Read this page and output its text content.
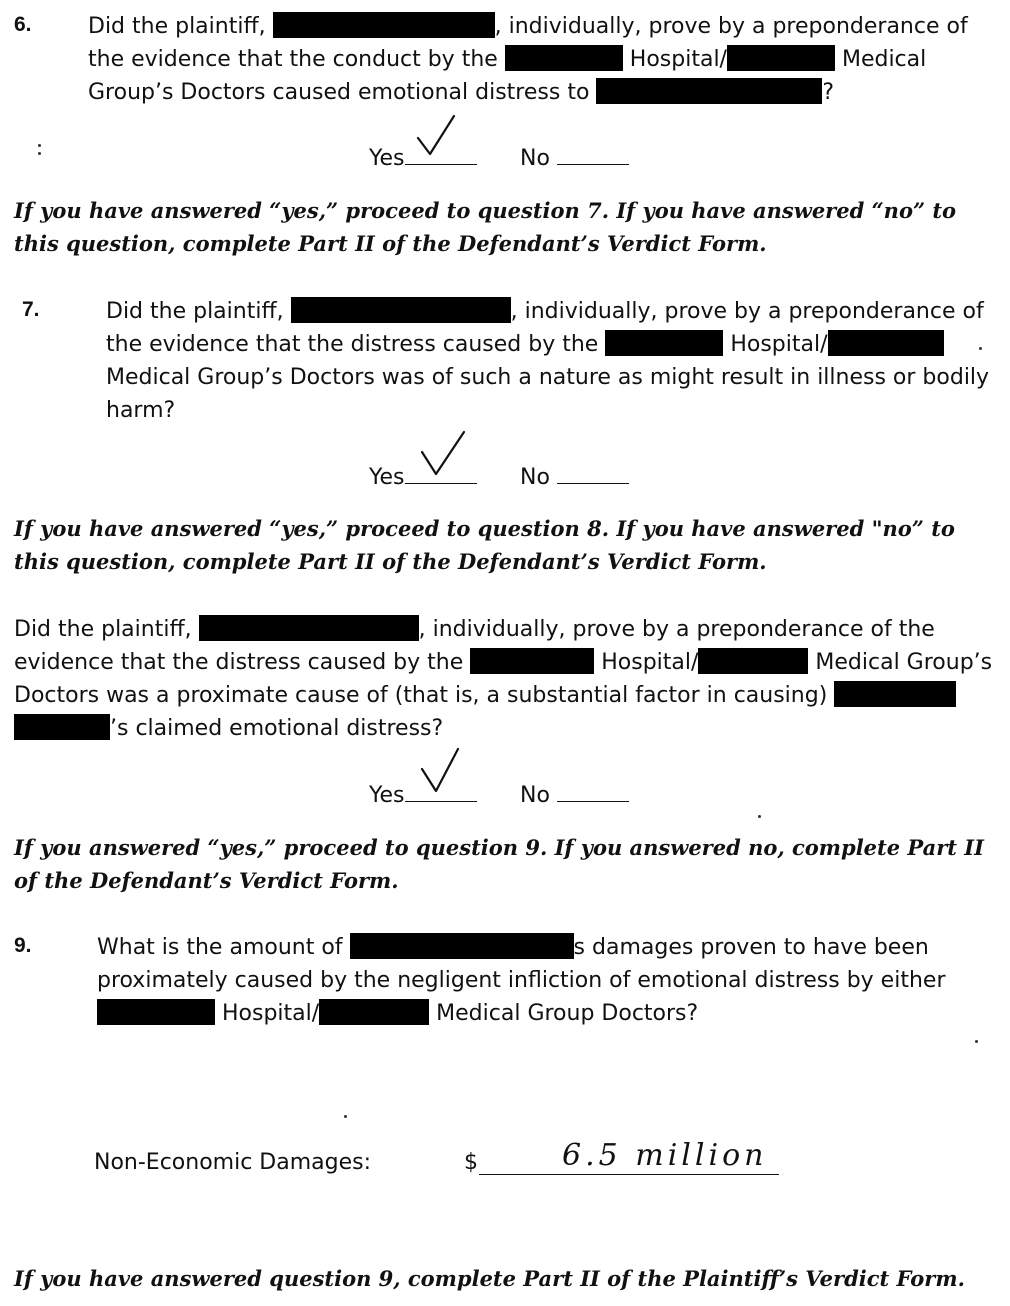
6.	Did the plaintiff,	, individually, prove by a preponderance of
the evidence that the conduct by the	Hospital/	Medical
Group’s Doctors caused emotional distress to	?
Yes	No
If you have answered “yes,” proceed to question 7. If you have answered “no” to this question, complete Part II of the Defendant’s Verdict Form.
7.	Did the plaintiff,	, individually, prove by a preponderance of
the evidence that the distress caused by the	Hospital/
Medical Group’s Doctors was of such a nature as might result in illness or bodily
harm?
Yes	No
If you have answered “yes,” proceed to question 8. If you have answered "no” to this question, complete Part II of the Defendant’s Verdict Form.
Did the plaintiff,	, individually, prove by a preponderance of the
evidence that the distress caused by the	Hospital/	Medical Group’s
Doctors was a proximate cause of (that is, a substantial factor in causing)
’s claimed emotional distress?
Yes	No
If you answered “yes,” proceed to question 9. If you answered no, complete Part II of the Defendant’s Verdict Form.
9.	What is the amount of	s damages proven to have been
proximately caused by the negligent infliction of emotional distress by either
Hospital/	Medical Group Doctors?
Non-Economic Damages:	$	6.5 million
If you have answered question 9, complete Part II of the Plaintiff’s Verdict Form.
